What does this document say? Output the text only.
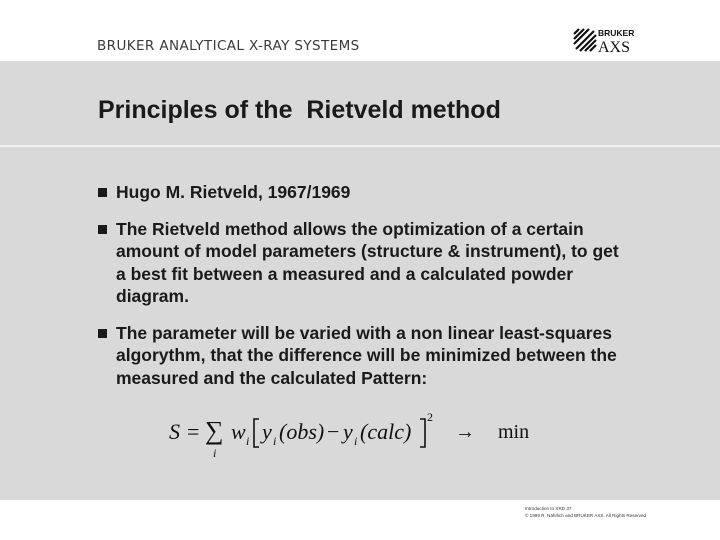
BRUKER ANALYTICAL X-RAY SYSTEMS
BRUKER
AXS
Principles of the  Rietveld method
Hugo M. Rietveld, 1967/1969
The Rietveld method allows the optimization of a certain amount of model parameters (structure & instrument), to get a best fit between a measured and a calculated powder diagram.
The parameter will be varied with a non linear least-squares algorythm, that the difference will be minimized between the measured and the calculated Pattern:
S = ∑
i
w i y i (obs) − y i (calc)
2
→ min
Introduction to XRD 37
© 1999 R. Nährlich and BRUKER AXS. All Rights Reserved
